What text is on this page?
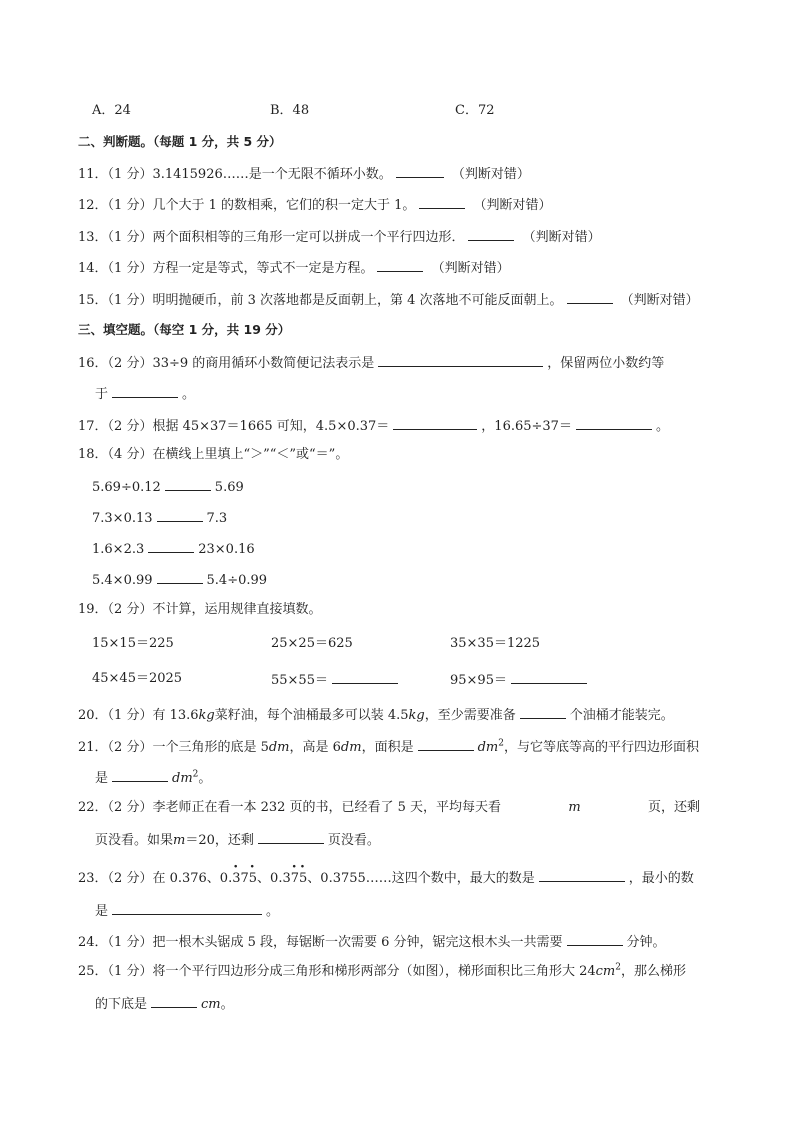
A．24	B．48	C．72
二、判断题。（每题 1 分，共 5 分）
11．（1 分）3.1415926……是一个无限不循环小数。	（判断对错）
12．（1 分）几个大于 1 的数相乘，它们的积一定大于 1。	（判断对错）
13．（1 分）两个面积相等的三角形一定可以拼成一个平行四边形．	（判断对错）
14．（1 分）方程一定是等式，等式不一定是方程。	（判断对错）
15．（1 分）明明抛硬币，前 3 次落地都是反面朝上，第 4 次落地不可能反面朝上。	（判断对错）
三、填空题。（每空 1 分，共 19 分）
16．（2 分）33÷9 的商用循环小数简便记法表示是	，保留两位小数约等
于	。
17．（2 分）根据 45×37＝1665 可知，4.5×0.37＝	，16.65÷37＝	。
18．（4 分）在横线上里填上“＞”“＜”或“＝”。
5.69÷0.12	5.69
7.3×0.13	7.3
1.6×2.3	23×0.16
5.4×0.99	5.4÷0.99
19．（2 分）不计算，运用规律直接填数。
15×15＝225	25×25＝625	35×35＝1225
45×45＝2025	55×55＝	95×95＝
20．（1 分）有 13.6kg菜籽油，每个油桶最多可以装 4.5kg，至少需要准备	个油桶才能装完。
21．（2 分）一个三角形的底是 5dm，高是 6dm，面积是	$dm^2$，与它等底等高的平行四边形面积
是	$dm^2$。
22．（2 分）李老师正在看一本 232 页的书，已经看了 5 天，平均每天看	m	页，还剩
页没看。如果m＝20，还剩	页没看。
23．（2 分）在 0.376、0.· 37· 5、0.3· 7· 5、0.3755……这四个数中，最大的数是	，最小的数
是	。
24．（1 分）把一根木头锯成 5 段，每锯断一次需要 6 分钟，锯完这根木头一共需要	分钟。
25．（1 分）将一个平行四边形分成三角形和梯形两部分（如图），梯形面积比三角形大 $24cm^2$，那么梯形
的下底是	cm。
